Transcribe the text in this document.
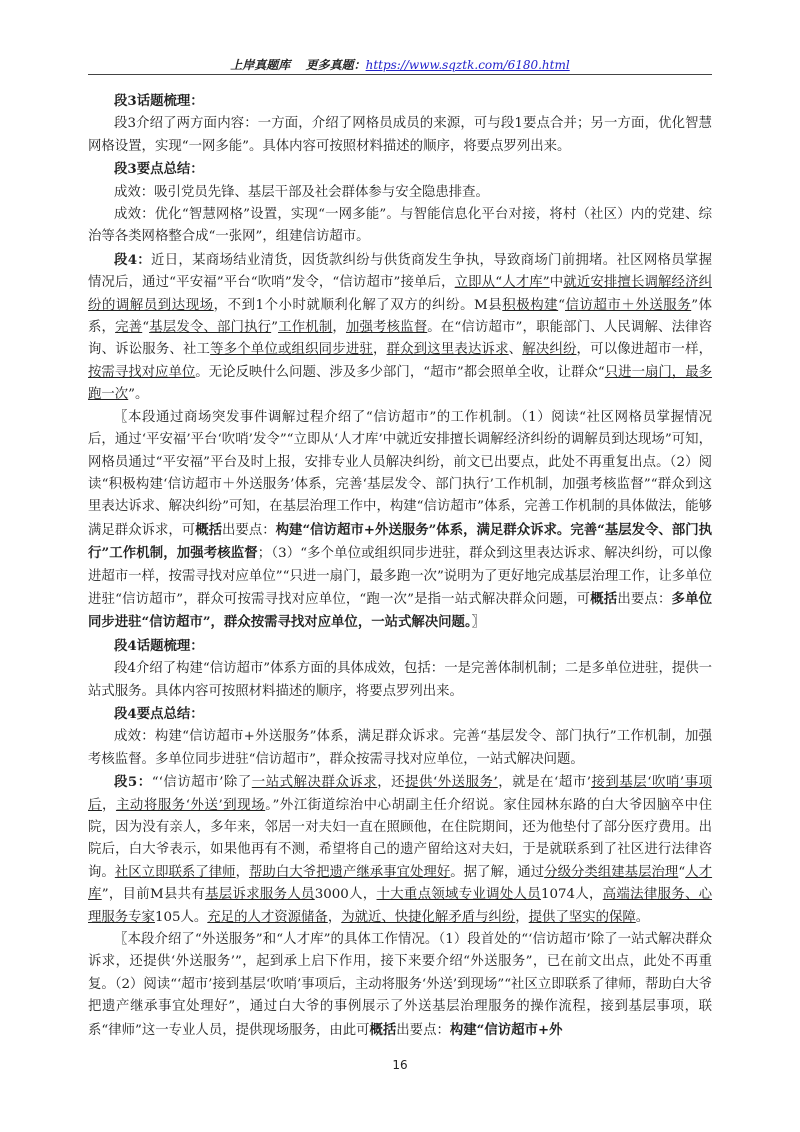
上岸真题库 更多真题：https://www.sqztk.com/6180.html

段3话题梳理：

段3介绍了两方面内容：一方面，介绍了网格员成员的来源，可与段1要点合并；另一方面，优化智慧网格设置，实现“一网多能”。具体内容可按照材料描述的顺序，将要点罗列出来。

段3要点总结：

成效：吸引党员先锋、基层干部及社会群体参与安全隐患排查。

成效：优化“智慧网格”设置，实现“一网多能”。与智能信息化平台对接，将村（社区）内的党建、综治等各类网格整合成“一张网”，组建信访超市。

段4：近日，某商场结业清货，因货款纠纷与供货商发生争执，导致商场门前拥堵。社区网格员掌握情况后，通过“平安福”平台“吹哨”发令，“信访超市”接单后，立即从“人才库”中就近安排擅长调解经济纠纷的调解员到达现场，不到1个小时就顺利化解了双方的纠纷。M县积极构建“信访超市＋外送服务”体系，完善“基层发令、部门执行”工作机制，加强考核监督。在“信访超市”，职能部门、人民调解、法律咨询、诉讼服务、社工等多个单位或组织同步进驻，群众到这里表达诉求、解决纠纷，可以像进超市一样，按需寻找对应单位。无论反映什么问题、涉及多少部门，“超市”都会照单全收，让群众“只进一扇门，最多跑一次”。

〖本段通过商场突发事件调解过程介绍了“信访超市”的工作机制。（1）阅读“社区网格员掌握情况后，通过‘平安福’平台‘吹哨’发令”“立即从‘人才库’中就近安排擅长调解经济纠纷的调解员到达现场”可知，网格员通过“平安福”平台及时上报，安排专业人员解决纠纷，前文已出要点，此处不再重复出点。（2）阅读“积极构建‘信访超市＋外送服务’体系，完善‘基层发令、部门执行’工作机制，加强考核监督”“群众到这里表达诉求、解决纠纷”可知，在基层治理工作中，构建“信访超市”体系，完善工作机制的具体做法，能够满足群众诉求，可概括出要点：构建“信访超市+外送服务”体系，满足群众诉求。完善“基层发令、部门执行”工作机制，加强考核监督；（3）“多个单位或组织同步进驻，群众到这里表达诉求、解决纠纷，可以像进超市一样，按需寻找对应单位”“只进一扇门，最多跑一次”说明为了更好地完成基层治理工作，让多单位进驻“信访超市”，群众可按需寻找对应单位，“跑一次”是指一站式解决群众问题，可概括出要点：多单位同步进驻“信访超市”，群众按需寻找对应单位，一站式解决问题。〗

段4话题梳理：

段4介绍了构建“信访超市”体系方面的具体成效，包括：一是完善体制机制；二是多单位进驻，提供一站式服务。具体内容可按照材料描述的顺序，将要点罗列出来。

段4要点总结：

成效：构建“信访超市+外送服务”体系，满足群众诉求。完善“基层发令、部门执行”工作机制，加强考核监督。多单位同步进驻“信访超市”，群众按需寻找对应单位，一站式解决问题。

段5：“‘信访超市’除了一站式解决群众诉求，还提供‘外送服务’，就是在‘超市’接到基层‘吹哨’事项后，主动将服务‘外送’到现场。”外江街道综治中心胡副主任介绍说。家住园林东路的白大爷因脑卒中住院，因为没有亲人，多年来，邻居一对夫妇一直在照顾他，在住院期间，还为他垫付了部分医疗费用。出院后，白大爷表示，如果他再有不测，希望将自己的遗产留给这对夫妇，于是就联系到了社区进行法律咨询。社区立即联系了律师，帮助白大爷把遗产继承事宜处理好。据了解，通过分级分类组建基层治理“人才库”，目前M县共有基层诉求服务人员3000人，十大重点领域专业调处人员1074人，高端法律服务、心理服务专家105人。充足的人才资源储备，为就近、快捷化解矛盾与纠纷，提供了坚实的保障。

〖本段介绍了“外送服务”和“人才库”的具体工作情况。（1）段首处的“‘信访超市’除了一站式解决群众诉求，还提供‘外送服务’”，起到承上启下作用，接下来要介绍“外送服务”，已在前文出点，此处不再重复。（2）阅读“‘超市’接到基层‘吹哨’事项后，主动将服务‘外送’到现场”“社区立即联系了律师，帮助白大爷把遗产继承事宜处理好”，通过白大爷的事例展示了外送基层治理服务的操作流程，接到基层事项，联系“律师”这一专业人员，提供现场服务，由此可概括出要点：构建“信访超市+外

16
